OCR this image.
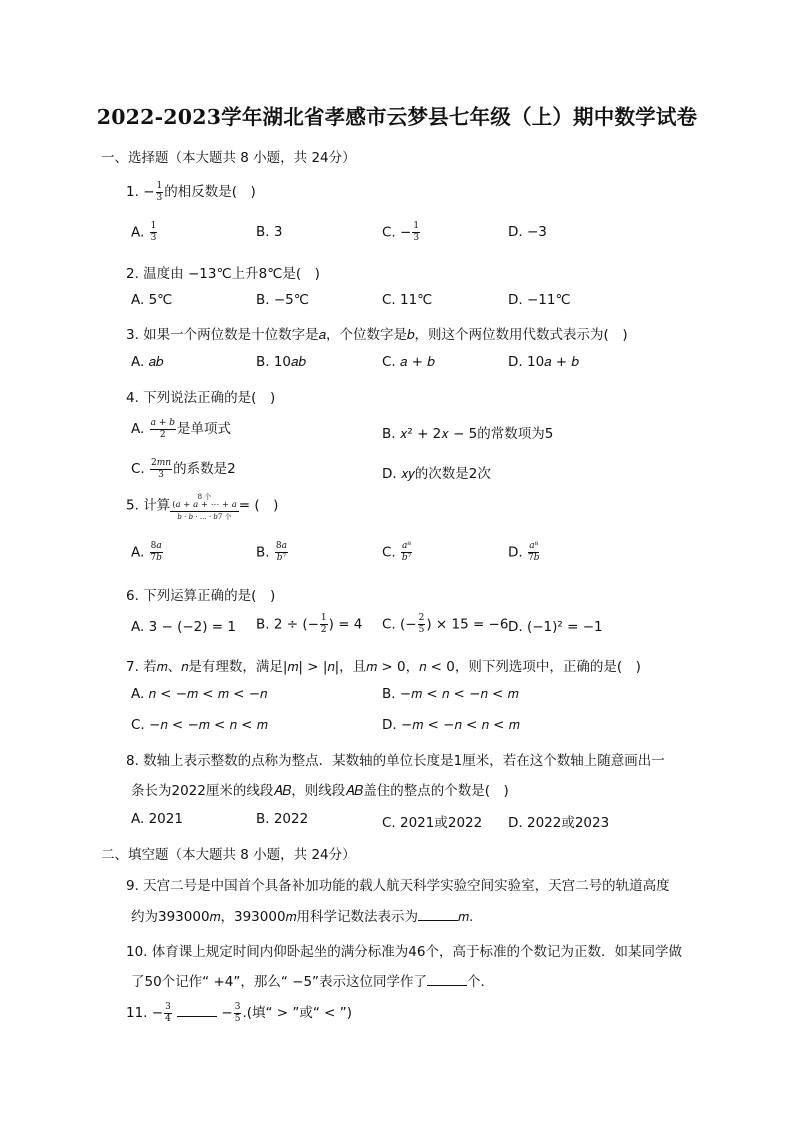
2022-2023学年湖北省孝感市云梦县七年级（上）期中数学试卷
一、选择题（本大题共 8 小题，共 24分）
1. − $\frac{1}{3}$ 的相反数是(　)
A. $\frac{1}{3}$	B. 3	C. − $\frac{1}{3}$	D. −3
2. 温度由 −13℃上升8℃是(　)
A. 5℃	B. −5℃	C. 11℃	D. −11℃
3. 如果一个两位数是十位数字是𝑎，个位数字是𝑏，则这个两位数用代数式表示为(　)
A. 𝑎𝑏	B. 10𝑎𝑏	C. 𝑎 + 𝑏	D. 10𝑎 + 𝑏
4. 下列说法正确的是(　)
A. $\frac{\text{𝑎 + 𝑏}}{2}$ 是单项式	B. 𝑥² + 2𝑥 − 5的常数项为5
C. $\frac{\text{2𝑚𝑛}}{3}$ 的系数是2	D. 𝑥𝑦的次数是2次
5. 计算
8 个
(𝑎 + 𝑎 + ⋯ + 𝑎
𝑏 · 𝑏 · … · 𝑏7 个
= (　)
A. $\frac{\text{8𝑎}}{\text{7𝑏}}$	B. $\frac{\text{8𝑎}}{\text{𝑏⁷}}$	C. $\frac{\text{𝑎⁸}}{\text{𝑏⁷}}$	D. $\frac{\text{𝑎⁸}}{\text{7𝑏}}$
6. 下列运算正确的是(　)
A. 3 − (−2) = 1 B. 2 ÷ (− $\frac{1}{2}$ ) = 4 C. (− $\frac{2}{5}$ ) × 15 = −6 D. (−1)² = −1
7. 若𝑚、𝑛是有理数，满足|𝑚| > |𝑛|，且𝑚 > 0，𝑛 < 0，则下列选项中，正确的是(　)
A. 𝑛 < −𝑚 < 𝑚 < −𝑛	B. −𝑚 < 𝑛 < −𝑛 < 𝑚
C. −𝑛 < −𝑚 < 𝑛 < 𝑚	D. −𝑚 < −𝑛 < 𝑛 < 𝑚
8. 数轴上表示整数的点称为整点．某数轴的单位长度是1厘米，若在这个数轴上随意画出一
条长为2022厘米的线段𝐴𝐵，则线段𝐴𝐵盖住的整点的个数是(　)
A. 2021	B. 2022	C. 2021或2022 D. 2022或2023
二、填空题（本大题共 8 小题，共 24分）
9. 天宫二号是中国首个具备补加功能的载人航天科学实验空间实验室，天宫二号的轨道高度
约为393000𝑚，393000𝑚用科学记数法表示为	𝑚.
10. 体育课上规定时间内仰卧起坐的满分标准为46个，高于标准的个数记为正数．如某同学做
了50个记作“ +4”，那么“ −5”表示这位同学作了	个．
11. − $\frac{3}{4}$	− $\frac{3}{5}$ .(填“ > ”或“ < ”)
